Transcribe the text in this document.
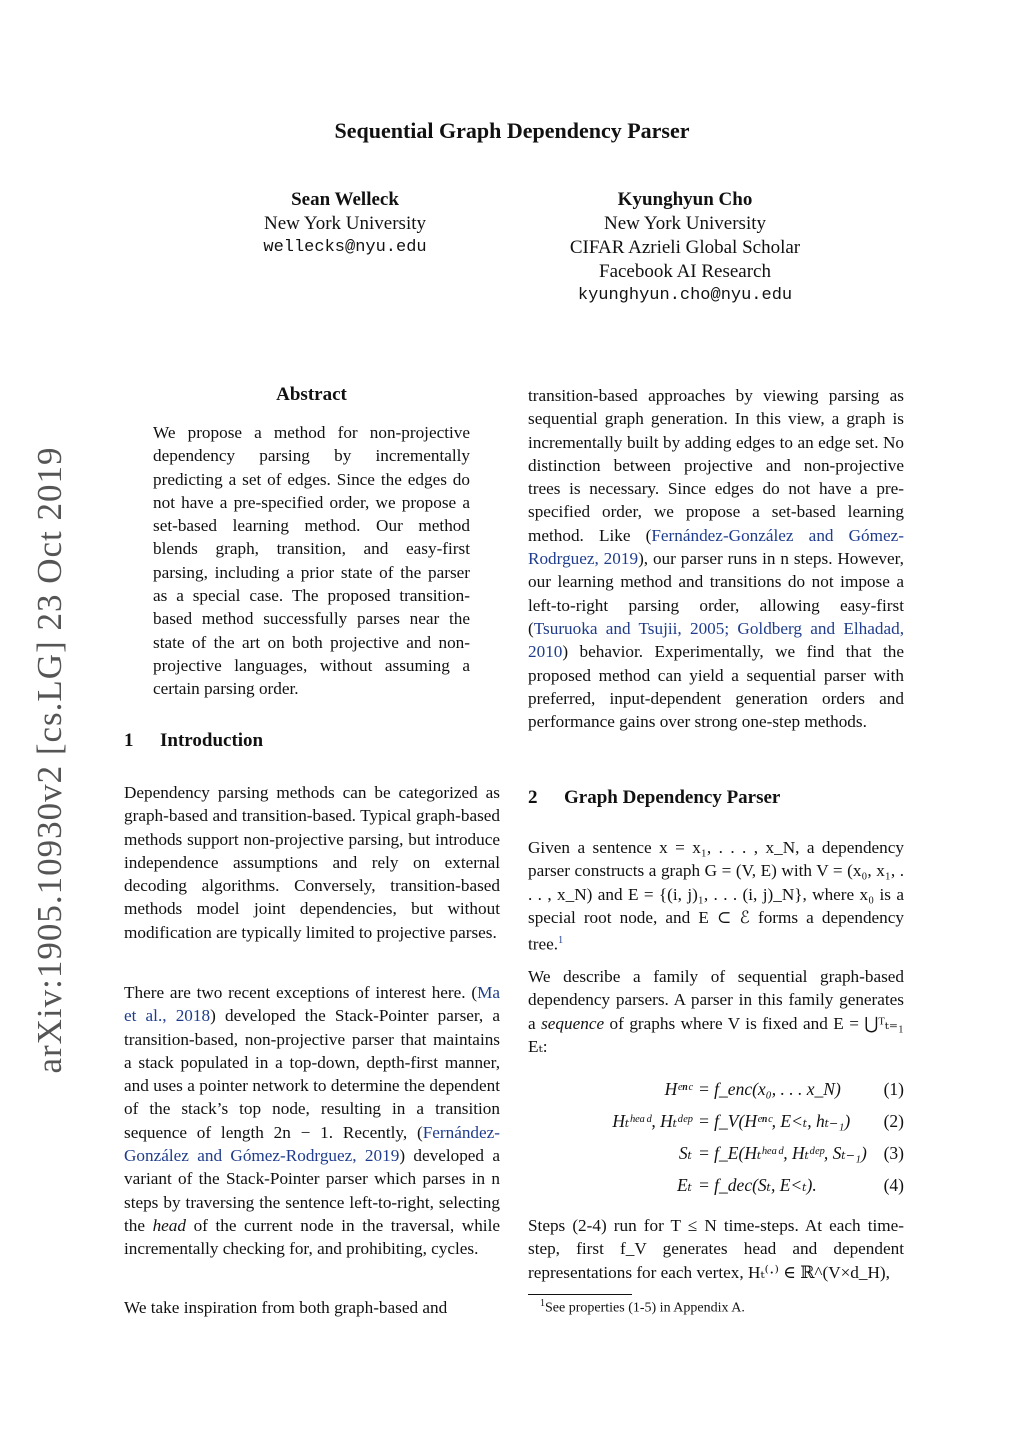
arXiv:1905.10930v2 [cs.LG] 23 Oct 2019
Sequential Graph Dependency Parser
Sean Welleck
New York University
wellecks@nyu.edu
Kyunghyun Cho
New York University
CIFAR Azrieli Global Scholar
Facebook AI Research
kyunghyun.cho@nyu.edu
Abstract
We propose a method for non-projective dependency parsing by incrementally predicting a set of edges. Since the edges do not have a pre-specified order, we propose a set-based learning method. Our method blends graph, transition, and easy-first parsing, including a prior state of the parser as a special case. The proposed transition-based method successfully parses near the state of the art on both projective and non-projective languages, without assuming a certain parsing order.
1 Introduction
Dependency parsing methods can be categorized as graph-based and transition-based. Typical graph-based methods support non-projective parsing, but introduce independence assumptions and rely on external decoding algorithms. Conversely, transition-based methods model joint dependencies, but without modification are typically limited to projective parses.
There are two recent exceptions of interest here. (Ma et al., 2018) developed the Stack-Pointer parser, a transition-based, non-projective parser that maintains a stack populated in a top-down, depth-first manner, and uses a pointer network to determine the dependent of the stack’s top node, resulting in a transition sequence of length 2n − 1. Recently, (Fernández-González and Gómez-Rodrguez, 2019) developed a variant of the Stack-Pointer parser which parses in n steps by traversing the sentence left-to-right, selecting the head of the current node in the traversal, while incrementally checking for, and prohibiting, cycles.
We take inspiration from both graph-based and
transition-based approaches by viewing parsing as sequential graph generation. In this view, a graph is incrementally built by adding edges to an edge set. No distinction between projective and non-projective trees is necessary. Since edges do not have a pre-specified order, we propose a set-based learning method. Like (Fernández-González and Gómez-Rodrguez, 2019), our parser runs in n steps. However, our learning method and transitions do not impose a left-to-right parsing order, allowing easy-first (Tsuruoka and Tsujii, 2005; Goldberg and Elhadad, 2010) behavior. Experimentally, we find that the proposed method can yield a sequential parser with preferred, input-dependent generation orders and performance gains over strong one-step methods.
2 Graph Dependency Parser
Given a sentence x = x₁, . . . , x_N, a dependency parser constructs a graph G = (V, E) with V = (x₀, x₁, . . . , x_N) and E = {(i, j)₁, . . . (i, j)_N}, where x₀ is a special root node, and E ⊂ ℰ forms a dependency tree.$^1$
We describe a family of sequential graph-based dependency parsers. A parser in this family generates a sequence of graphs where V is fixed and E = ⋃ᵀₜ₌₁ Eₜ:
Hᵉⁿᶜ = f_enc(x₀, . . . x_N) (1)
Hₜʰᵉᵃᵈ, Hₜᵈᵉᵖ = f_V(Hᵉⁿᶜ, E<ₜ, hₜ₋₁) (2)
Sₜ = f_E(Hₜʰᵉᵃᵈ, Hₜᵈᵉᵖ, Sₜ₋₁) (3)
Eₜ = f_dec(Sₜ, E<ₜ).	(4)
Steps (2-4) run for T ≤ N time-steps. At each time-step, first f_V generates head and dependent representations for each vertex, Hₜ⁽·⁾ ∈ ℝ^(V×d_H),
$^1$See properties (1-5) in Appendix A.
